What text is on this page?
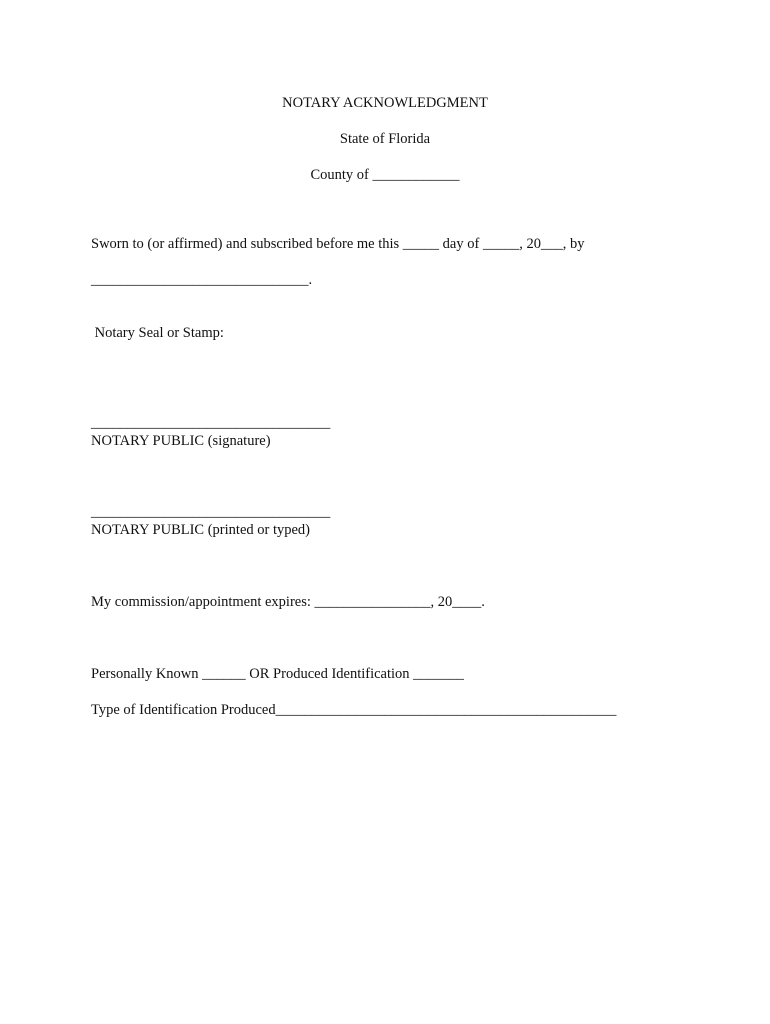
NOTARY ACKNOWLEDGMENT
State of Florida
County of ____________
Sworn to (or affirmed) and subscribed before me this _____ day of _____, 20___, by
______________________________.
Notary Seal or Stamp:
_________________________________
NOTARY PUBLIC (signature)
_________________________________
NOTARY PUBLIC (printed or typed)
My commission/appointment expires: ________________, 20____.
Personally Known ______ OR Produced Identification _______
Type of Identification Produced_______________________________________________
